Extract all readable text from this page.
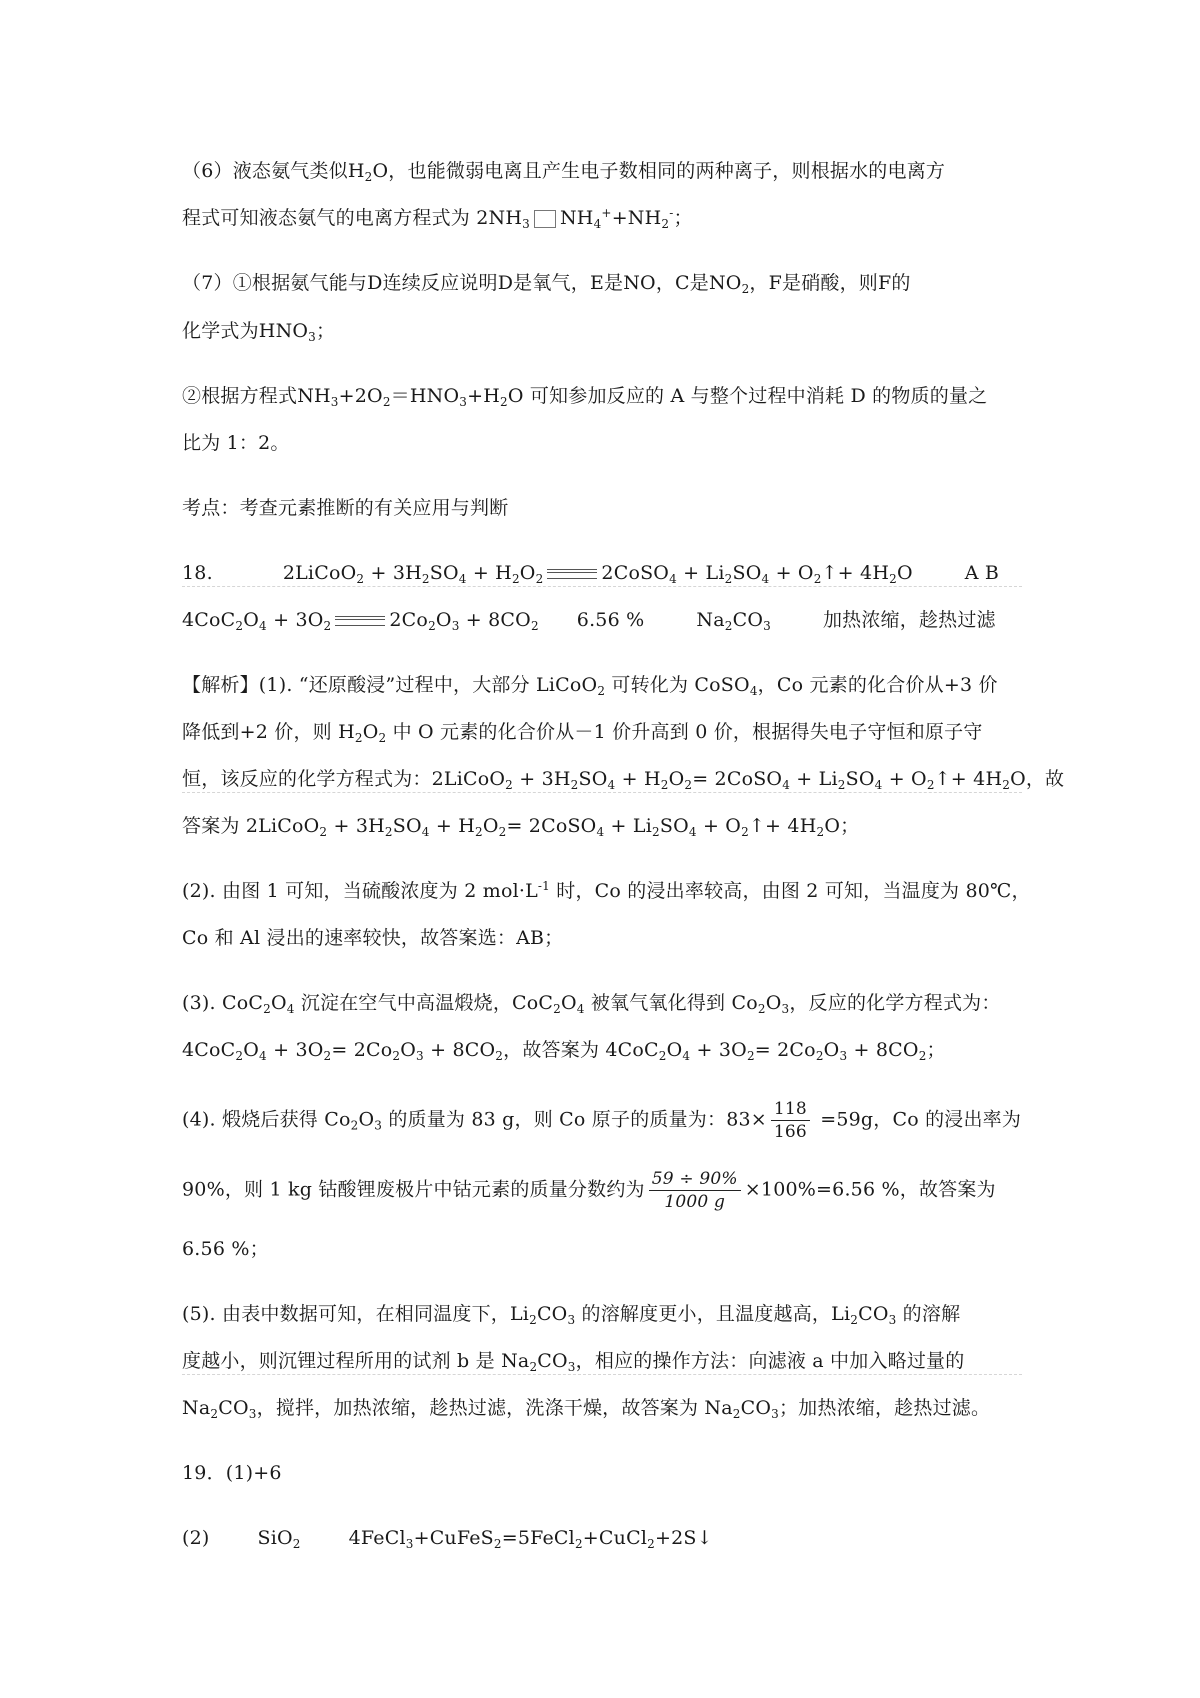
（6）液态氨气类似$H_2O$，也能微弱电离且产生电子数相同的两种离子，则根据水的电离方
程式可知液态氨气的电离方程式为 $2NH_3$ $NH_4^++NH_2^-$；
（7）①根据氨气能与D连续反应说明D是氧气，E是NO，C是$NO_2$，F是硝酸，则F的
化学式为$HNO_3$；
②根据方程式$NH_3+2O_2=HNO_3+H_2O$ 可知参加反应的 A 与整个过程中消耗 D 的物质的量之
比为 1：2。
考点：考查元素推断的有关应用与判断
18.	2LiCoO$_2$ + $3H_2SO_4 + H_2O_2$	2CoSO$_4$ + $Li_2SO_4$ + $O_2↑+ 4H_2O$	A B
$4CoC_2O_4 + 3O_2$	$2Co_2O_3 + 8CO_2$ 6.56 %	$Na_2CO_3$	加热浓缩，趁热过滤
【解析】(1). “还原酸浸”过程中，大部分 LiCoO$_2$ 可转化为 CoSO$_4$，Co 元素的化合价从+3 价
降低到+2 价，则 $H_2O_2$ 中 O 元素的化合价从－1 价升高到 0 价，根据得失电子守恒和原子守
恒，该反应的化学方程式为：2LiCoO$_2$ + $3H_2SO_4 + H_2O_2=$ 2CoSO$_4$ + $Li_2SO_4$ + $O_2↑+ 4H_2O$，故
答案为 2LiCoO$_2$ + $3H_2SO_4 + H_2O_2=$ 2CoSO$_4$ + $Li_2SO_4$ + $O_2↑+ 4H_2O$；
(2). 由图 1 可知，当硫酸浓度为 2 $mol\cdot L^{-1}$ 时，Co 的浸出率较高，由图 2 可知，当温度为 80℃，
Co 和 Al 浸出的速率较快，故答案选：AB；
(3). $CoC_2O_4$ 沉淀在空气中高温煅烧，$CoC_2O_4$ 被氧气氧化得到 $Co_2O_3$，反应的化学方程式为：
$4CoC_2O_4 + 3O_2= 2Co_2O_3 + 8CO_2$，故答案为 $4CoC_2O_4 + 3O_2= 2Co_2O_3 + 8CO_2$；
(4). 煅烧后获得 $Co_2O_3$ 的质量为 83 g，则 Co 原子的质量为：$83\times \frac{118}{166} =59g$，Co 的浸出率为
90%，则 1 kg 钴酸锂废极片中钴元素的质量分数约为 $\frac{59 \div 90\%}{1000 g} \times 100\%=6.56$ %，故答案为
6.56 %；
(5). 由表中数据可知，在相同温度下，$Li_2CO_3$ 的溶解度更小，且温度越高，$Li_2CO_3$ 的溶解
度越小，则沉锂过程所用的试剂 b 是 $Na_2CO_3$，相应的操作方法：向滤液 a 中加入略过量的
$Na_2CO_3$，搅拌，加热浓缩，趁热过滤，洗涤干燥，故答案为 $Na_2CO_3$；加热浓缩，趁热过滤。
19．(1)+6
(2)	SiO$_2$	4FeCl$_3$+CuFeS$_2$=5FeCl$_2$+CuCl$_2$+2S↓
